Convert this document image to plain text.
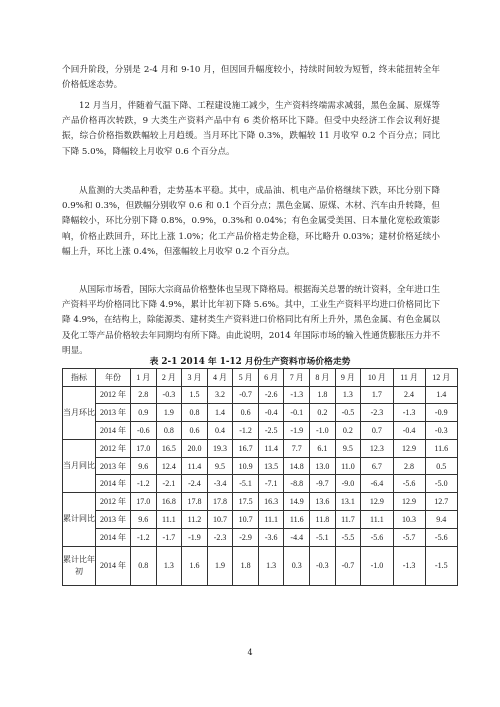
个回升阶段，分别是 2-4 月和 9-10 月，但因回升幅度较小，持续时间较为短暂，终未能扭转全年价格低迷态势。

12 月当月，伴随着气温下降、工程建设施工减少，生产资料终端需求减弱，黑色金属、原煤等产品价格再次转跌，9 大类生产资料产品中有 6 类价格环比下降。但受中央经济工作会议利好提振，综合价格指数跌幅较上月趋缓。当月环比下降 0.3%，跌幅较 11 月收窄 0.2 个百分点；同比下降 5.0%，降幅较上月收窄 0.6 个百分点。

从监测的大类品种看，走势基本平稳。其中，成品油、机电产品价格继续下跌，环比分别下降 0.9%和 0.3%，但跌幅分别收窄 0.6 和 0.1 个百分点；黑色金属、原煤、木材、汽车由升转降，但降幅较小，环比分别下降 0.8%，0.9%，0.3%和 0.04%；有色金属受美国、日本量化宽松政策影响，价格止跌回升，环比上涨 1.0%；化工产品价格走势企稳，环比略升 0.03%；建材价格延续小幅上升，环比上涨 0.4%，但涨幅较上月收窄 0.2 个百分点。

从国际市场看，国际大宗商品价格整体也呈现下降格局。根据海关总署的统计资料，全年进口生产资料平均价格同比下降 4.9%，累计比年初下降 5.6%。其中，工业生产资料平均进口价格同比下降 4.9%，在结构上，除能源类、建材类生产资料进口价格同比有所上升外，黑色金属、有色金属以及化工等产品价格较去年同期均有所下降。由此说明，2014 年国际市场的输入性通货膨胀压力并不明显。

表 2-1 2014 年 1-12 月份生产资料市场价格走势

指标	年份	1 月	2 月	3 月	4 月	5 月	6 月	7 月	8 月	9 月	10 月	11 月	12 月
当月环比	2012 年	2.8	-0.3	1.5	3.2	-0.7	-2.6	-1.3	1.8	1.3	1.7	2.4	1.4
	2013 年	0.9	1.9	0.8	1.4	0.6	-0.4	-0.1	0.2	-0.5	-2.3	-1.3	-0.9
	2014 年	-0.6	0.8	0.6	0.4	-1.2	-2.5	-1.9	-1.0	0.2	0.7	-0.4	-0.3
当月同比	2012 年	17.0	16.5	20.0	19.3	16.7	11.4	7.7	6.1	9.5	12.3	12.9	11.6
	2013 年	9.6	12.4	11.4	9.5	10.9	13.5	14.8	13.0	11.0	6.7	2.8	0.5
	2014 年	-1.2	-2.1	-2.4	-3.4	-5.1	-7.1	-8.8	-9.7	-9.0	-6.4	-5.6	-5.0
累计同比	2012 年	17.0	16.8	17.8	17.8	17.5	16.3	14.9	13.6	13.1	12.9	12.9	12.7
	2013 年	9.6	11.1	11.2	10.7	10.7	11.1	11.6	11.8	11.7	11.1	10.3	9.4
	2014 年	-1.2	-1.7	-1.9	-2.3	-2.9	-3.6	-4.4	-5.1	-5.5	-5.6	-5.7	-5.6
累计比年初	2014 年	0.8	1.3	1.6	1.9	1.8	1.3	0.3	-0.3	-0.7	-1.0	-1.3	-1.5

4
